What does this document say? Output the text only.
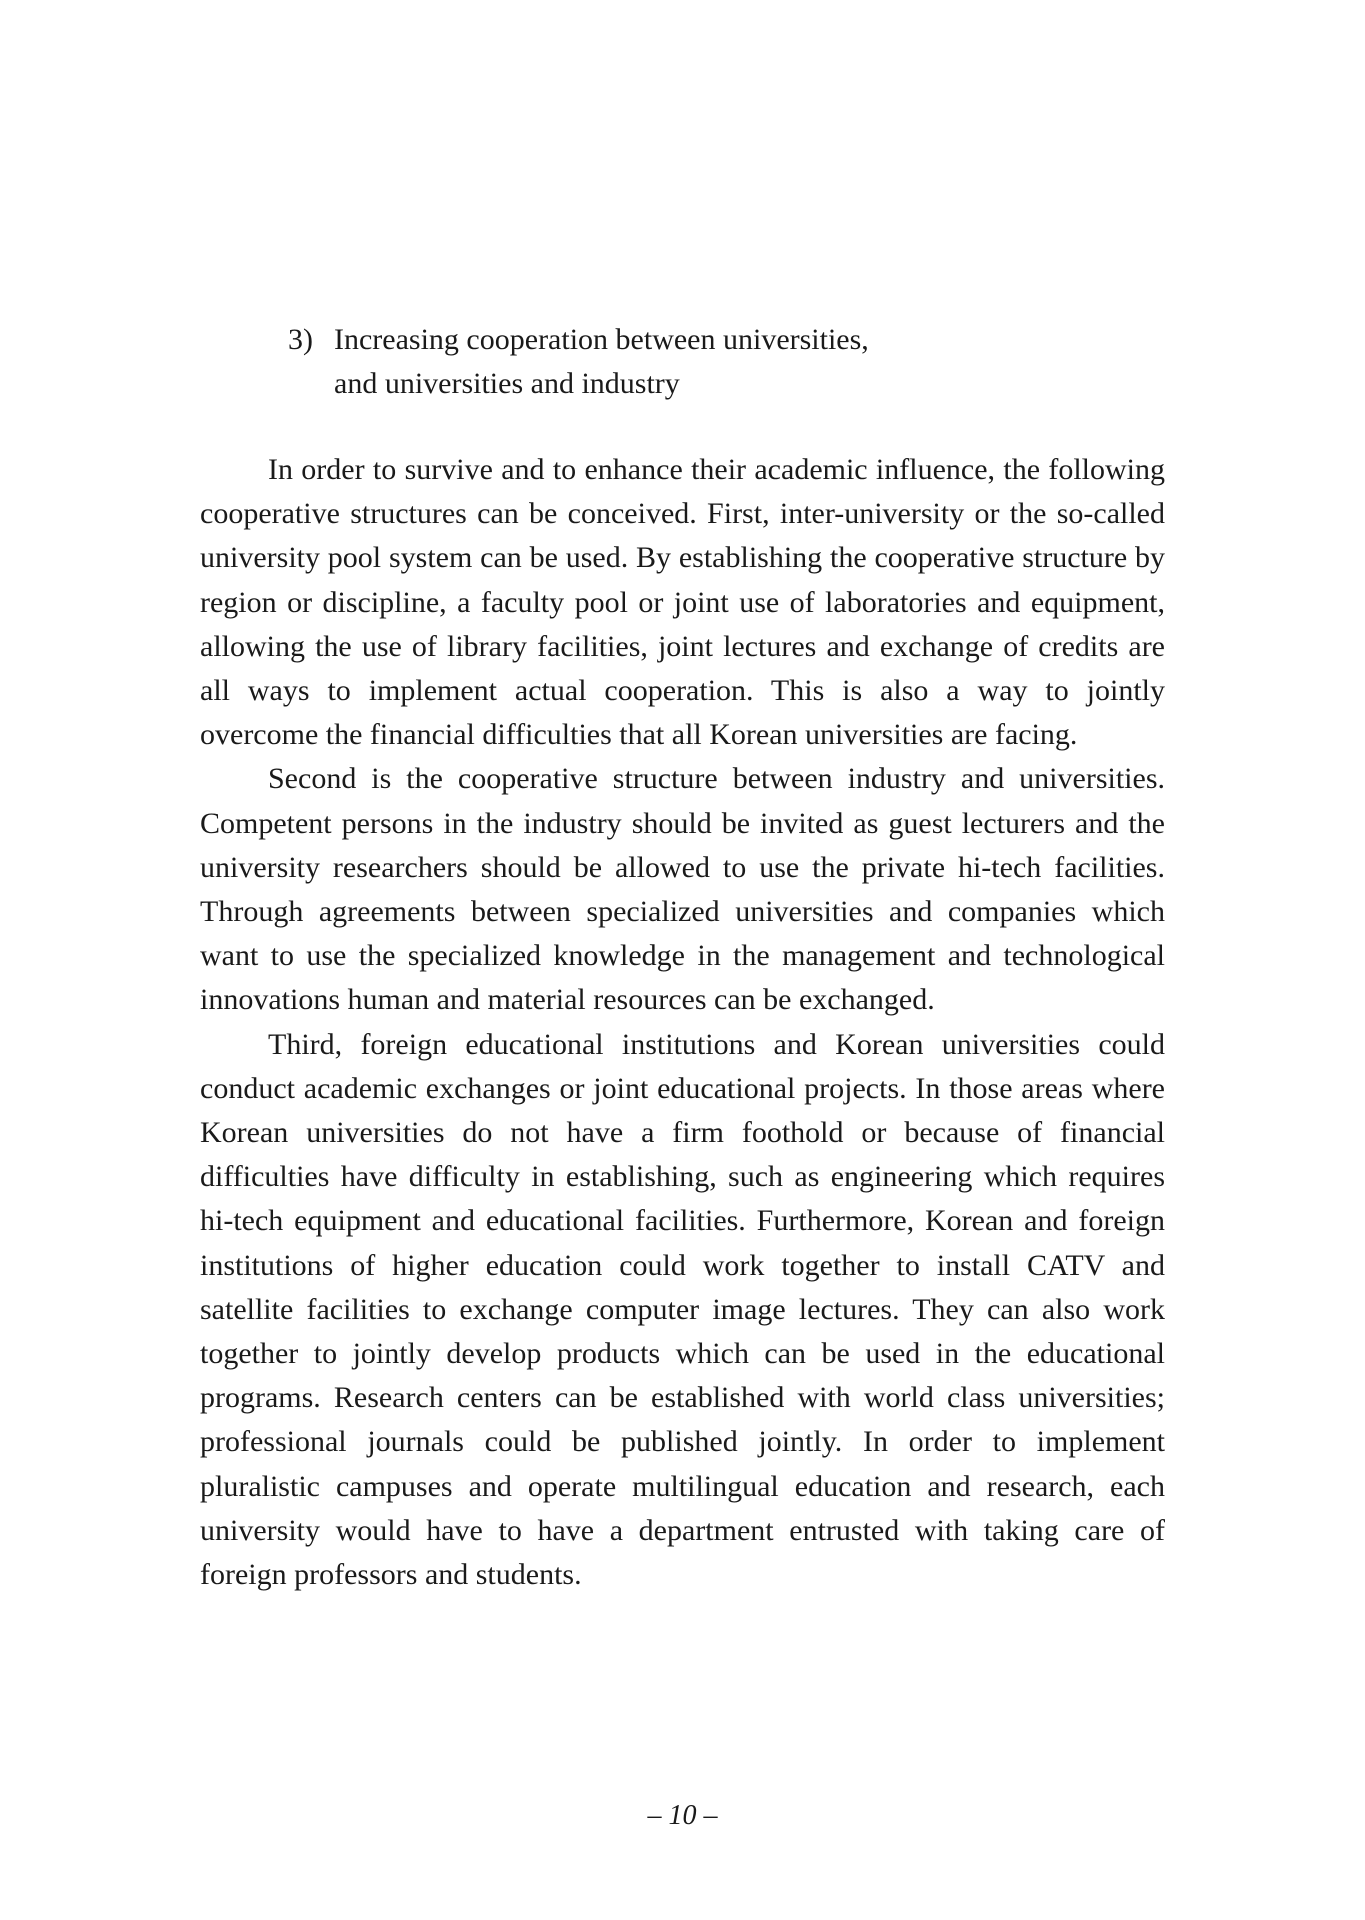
3) Increasing cooperation between universities,
and universities and industry

In order to survive and to enhance their academic influence, the following cooperative structures can be conceived. First, inter-university or the so-called university pool system can be used. By establishing the cooperative structure by region or discipline, a faculty pool or joint use of laboratories and equipment, allowing the use of library facilities, joint lectures and exchange of credits are all ways to implement actual cooperation. This is also a way to jointly overcome the financial difficulties that all Korean universities are facing.

Second is the cooperative structure between industry and universities. Competent persons in the industry should be invited as guest lecturers and the university researchers should be allowed to use the private hi-tech facilities. Through agreements between specialized universities and companies which want to use the specialized knowledge in the management and technological innovations human and material resources can be exchanged.

Third, foreign educational institutions and Korean universities could conduct academic exchanges or joint educational projects. In those areas where Korean universities do not have a firm foothold or because of financial difficulties have difficulty in establishing, such as engineering which requires hi-tech equipment and educational facilities. Furthermore, Korean and foreign institutions of higher education could work together to install CATV and satellite facilities to exchange computer image lectures. They can also work together to jointly develop products which can be used in the educational programs. Research centers can be established with world class universities; professional journals could be published jointly. In order to implement pluralistic campuses and operate multilingual education and research, each university would have to have a department entrusted with taking care of foreign professors and students.

– 10 –
